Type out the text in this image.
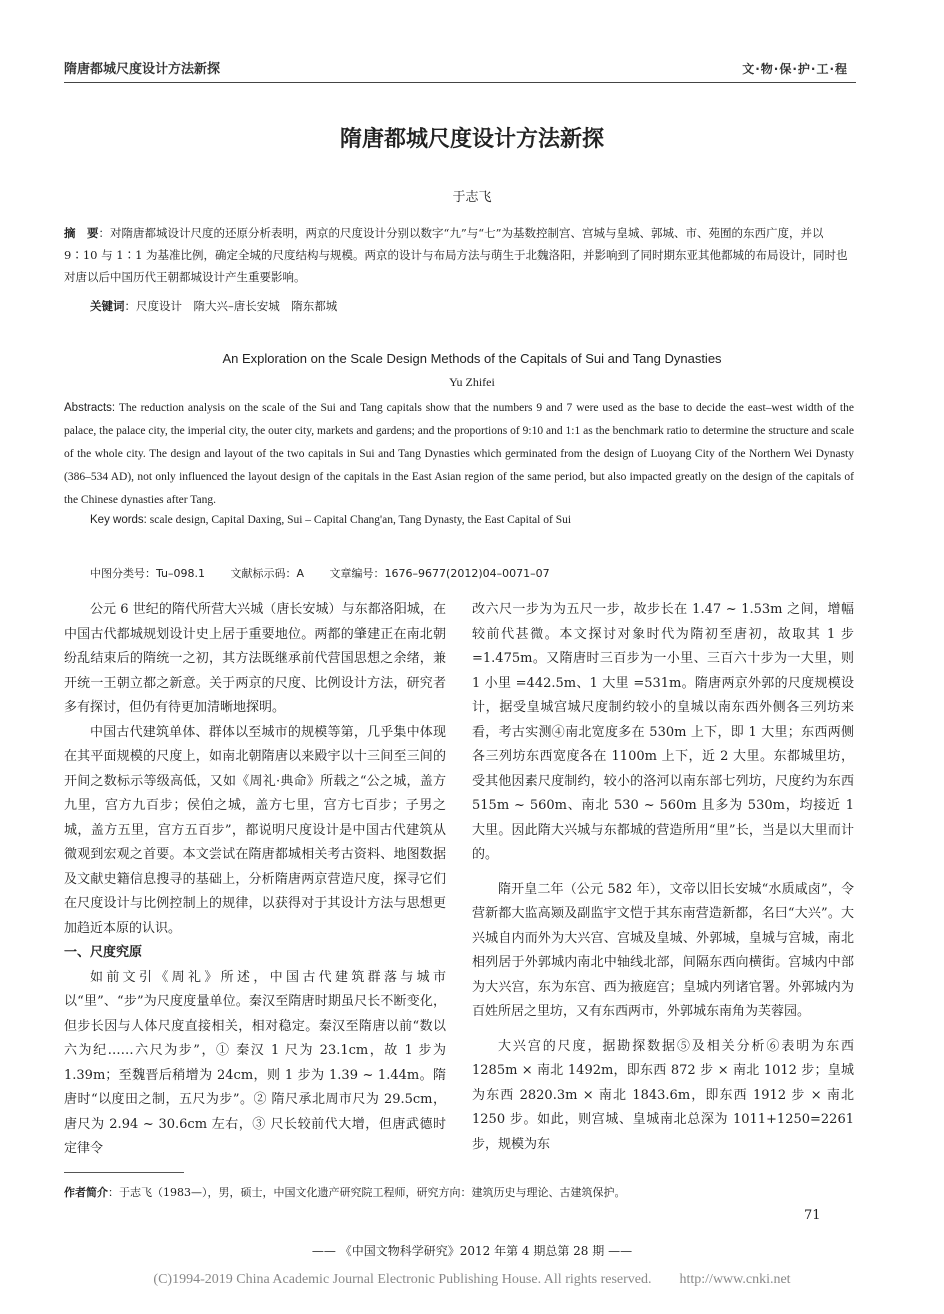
隋唐都城尺度设计方法新探	文·物·保·护·工·程
隋唐都城尺度设计方法新探
于志飞
摘　要：对隋唐都城设计尺度的还原分析表明，两京的尺度设计分别以数字“九”与“七”为基数控制宫、宫城与皇城、郭城、市、苑囿的东西广度，并以 9∶10 与 1∶1 为基准比例，确定全城的尺度结构与规模。两京的设计与布局方法与萌生于北魏洛阳，并影响到了同时期东亚其他都城的布局设计，同时也对唐以后中国历代王朝都城设计产生重要影响。
关键词：尺度设计　隋大兴–唐长安城　隋东都城
An Exploration on the Scale Design Methods of the Capitals of Sui and Tang Dynasties
Yu Zhifei
Abstracts: The reduction analysis on the scale of the Sui and Tang capitals show that the numbers 9 and 7 were used as the base to decide the east–west width of the palace, the palace city, the imperial city, the outer city, markets and gardens; and the proportions of 9:10 and 1:1 as the benchmark ratio to determine the structure and scale of the whole city. The design and layout of the two capitals in Sui and Tang Dynasties which germinated from the design of Luoyang City of the Northern Wei Dynasty (386–534 AD), not only influenced the layout design of the capitals in the East Asian region of the same period, but also impacted greatly on the design of the capitals of the Chinese dynasties after Tang.
Key words: scale design, Capital Daxing, Sui – Capital Chang'an, Tang Dynasty, the East Capital of Sui
中图分类号：Tu–098.1 文献标示码：A 文章编号：1676–9677(2012)04–0071–07

公元 6 世纪的隋代所营大兴城（唐长安城）与东都洛阳城，在中国古代都城规划设计史上居于重要地位。两都的肇建正在南北朝纷乱结束后的隋统一之初，其方法既继承前代营国思想之余绪，兼开统一王朝立都之新意。关于两京的尺度、比例设计方法，研究者多有探讨，但仍有待更加清晰地探明。

中国古代建筑单体、群体以至城市的规模等第，几乎集中体现在其平面规模的尺度上，如南北朝隋唐以来殿宇以十三间至三间的开间之数标示等级高低，又如《周礼·典命》所载之“公之城，盖方九里，宫方九百步；侯伯之城，盖方七里，宫方七百步；子男之城，盖方五里，宫方五百步”，都说明尺度设计是中国古代建筑从微观到宏观之首要。本文尝试在隋唐都城相关考古资料、地图数据及文献史籍信息搜寻的基础上，分析隋唐两京营造尺度，探寻它们在尺度设计与比例控制上的规律，以获得对于其设计方法与思想更加趋近本原的认识。

一、尺度究原

如前文引《周礼》所述，中国古代建筑群落与城市以“里”、“步”为尺度度量单位。秦汉至隋唐时期虽尺长不断变化，但步长因与人体尺度直接相关，相对稳定。秦汉至隋唐以前“数以六为纪……六尺为步”，① 秦汉 1 尺为 23.1cm，故 1 步为 1.39m；至魏晋后稍增为 24cm，则 1 步为 1.39 ~ 1.44m。隋唐时“以度田之制，五尺为步”。② 隋尺承北周市尺为 29.5cm，唐尺为 2.94 ~ 30.6cm 左右，③ 尺长较前代大增，但唐武德时定律令

改六尺一步为为五尺一步，故步长在 1.47 ~ 1.53m 之间，增幅较前代甚微。本文探讨对象时代为隋初至唐初，故取其 1 步 =1.475m。又隋唐时三百步为一小里、三百六十步为一大里，则 1 小里 =442.5m、1 大里 =531m。隋唐两京外郭的尺度规模设计，据受皇城宫城尺度制约较小的皇城以南东西外侧各三列坊来看，考古实测④南北宽度多在 530m 上下，即 1 大里；东西两侧各三列坊东西宽度各在 1100m 上下，近 2 大里。东都城里坊，受其他因素尺度制约，较小的洛河以南东部七列坊，尺度约为东西 515m ~ 560m、南北 530 ~ 560m 且多为 530m，均接近 1 大里。因此隋大兴城与东都城的营造所用“里”长，当是以大里而计的。

隋开皇二年（公元 582 年），文帝以旧长安城“水质咸卤”，令营新都大监高颎及副监宇文恺于其东南营造新都，名曰“大兴”。大兴城自内而外为大兴宫、宫城及皇城、外郭城，皇城与宫城，南北相列居于外郭城内南北中轴线北部，间隔东西向横街。宫城内中部为大兴宫，东为东宫、西为掖庭宫；皇城内列诸官署。外郭城内为百姓所居之里坊，又有东西两市，外郭城东南角为芙蓉园。

大兴宫的尺度，据勘探数据⑤及相关分析⑥表明为东西 1285m × 南北 1492m，即东西 872 步 × 南北 1012 步；皇城为东西 2820.3m × 南北 1843.6m，即东西 1912 步 × 南北 1250 步。如此，则宫城、皇城南北总深为 1011+1250=2261 步，规模为东

作者简介：于志飞（1983—），男，硕士，中国文化遗产研究院工程师，研究方向：建筑历史与理论、古建筑保护。
71
—— 《中国文物科学研究》2012 年第 4 期总第 28 期 ——
(C)1994-2019 China Academic Journal Electronic Publishing House. All rights reserved.　　http://www.cnki.net
